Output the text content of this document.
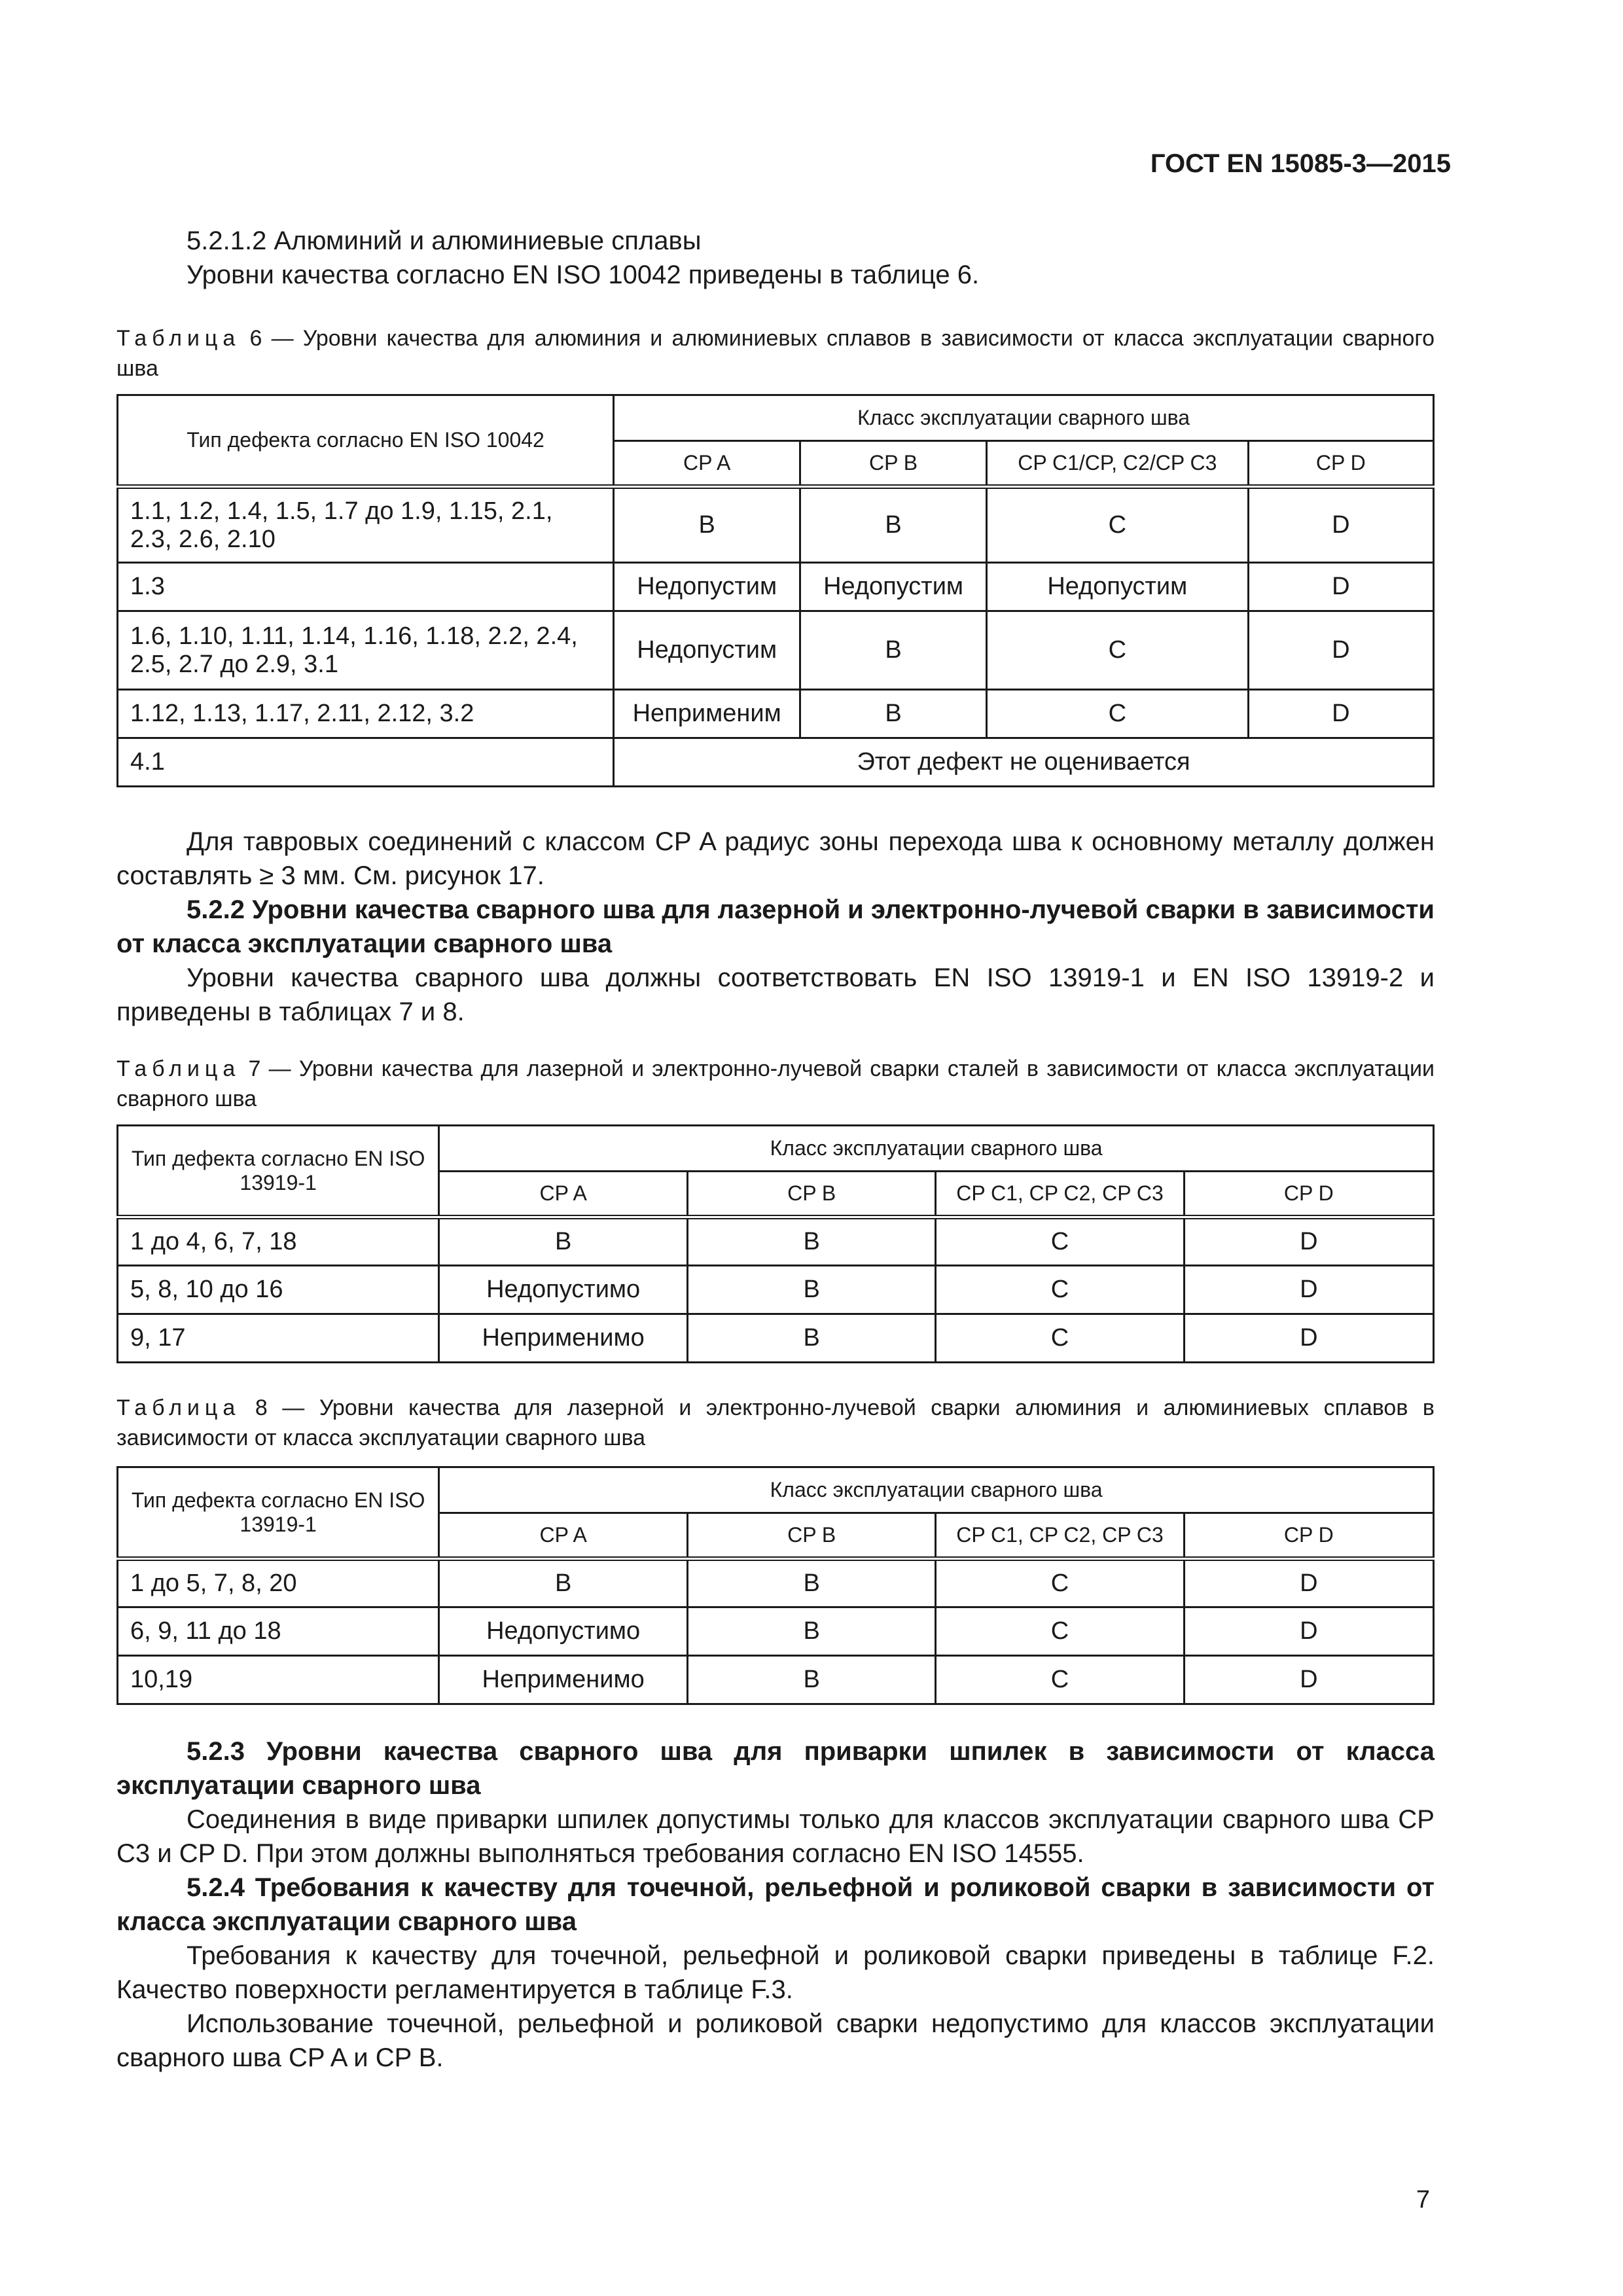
ГОСТ EN 15085-3—2015
5.2.1.2 Алюминий и алюминиевые сплавы
Уровни качества согласно EN ISO 10042 приведены в таблице 6.
Таблица 6 — Уровни качества для алюминия и алюминиевых сплавов в зависимости от класса эксплуатации сварного шва
Тип дефекта согласно EN ISO 10042	Класс эксплуатации сварного шва			
	CP A	CP B	CP C1/CP, C2/CP C3	CP D
1.1, 1.2, 1.4, 1.5, 1.7 до 1.9, 1.15, 2.1, 2.3, 2.6, 2.10	B	B	C	D
1.3	Недопустим	Недопустим	Недопустим	D
1.6, 1.10, 1.11, 1.14, 1.16, 1.18, 2.2, 2.4, 2.5, 2.7 до 2.9, 3.1	Недопустим	B	C	D
1.12, 1.13, 1.17, 2.11, 2.12, 3.2	Неприменим	B	C	D
4.1	Этот дефект не оценивается			
Для тавровых соединений с классом CP A радиус зоны перехода шва к основному металлу должен составлять ≥ 3 мм. См. рисунок 17.
5.2.2 Уровни качества сварного шва для лазерной и электронно-лучевой сварки в зависимости от класса эксплуатации сварного шва
Уровни качества сварного шва должны соответствовать EN ISO 13919-1 и EN ISO 13919-2 и приведены в таблицах 7 и 8.
Таблица 7 — Уровни качества для лазерной и электронно-лучевой сварки сталей в зависимости от класса эксплуатации сварного шва
Тип дефекта согласно EN ISO 13919-1	Класс эксплуатации сварного шва			
	CP A	CP B	CP C1, CP C2, CP C3	CP D
1 до 4, 6, 7, 18	B	B	C	D
5, 8, 10 до 16	Недопустимо	B	C	D
9, 17	Неприменимо	B	C	D
Таблица 8 — Уровни качества для лазерной и электронно-лучевой сварки алюминия и алюминиевых сплавов в зависимости от класса эксплуатации сварного шва
Тип дефекта согласно EN ISO 13919-1	Класс эксплуатации сварного шва			
	CP A	CP B	CP C1, CP C2, CP C3	CP D
1 до 5, 7, 8, 20	B	B	C	D
6, 9, 11 до 18	Недопустимо	B	C	D
10,19	Неприменимо	B	C	D
5.2.3 Уровни качества сварного шва для приварки шпилек в зависимости от класса эксплуатации сварного шва
Соединения в виде приварки шпилек допустимы только для классов эксплуатации сварного шва CP C3 и CP D. При этом должны выполняться требования согласно EN ISO 14555.
5.2.4 Требования к качеству для точечной, рельефной и роликовой сварки в зависимости от класса эксплуатации сварного шва
Требования к качеству для точечной, рельефной и роликовой сварки приведены в таблице F.2. Качество поверхности регламентируется в таблице F.3.
Использование точечной, рельефной и роликовой сварки недопустимо для классов эксплуатации сварного шва CP A и CP B.
7
